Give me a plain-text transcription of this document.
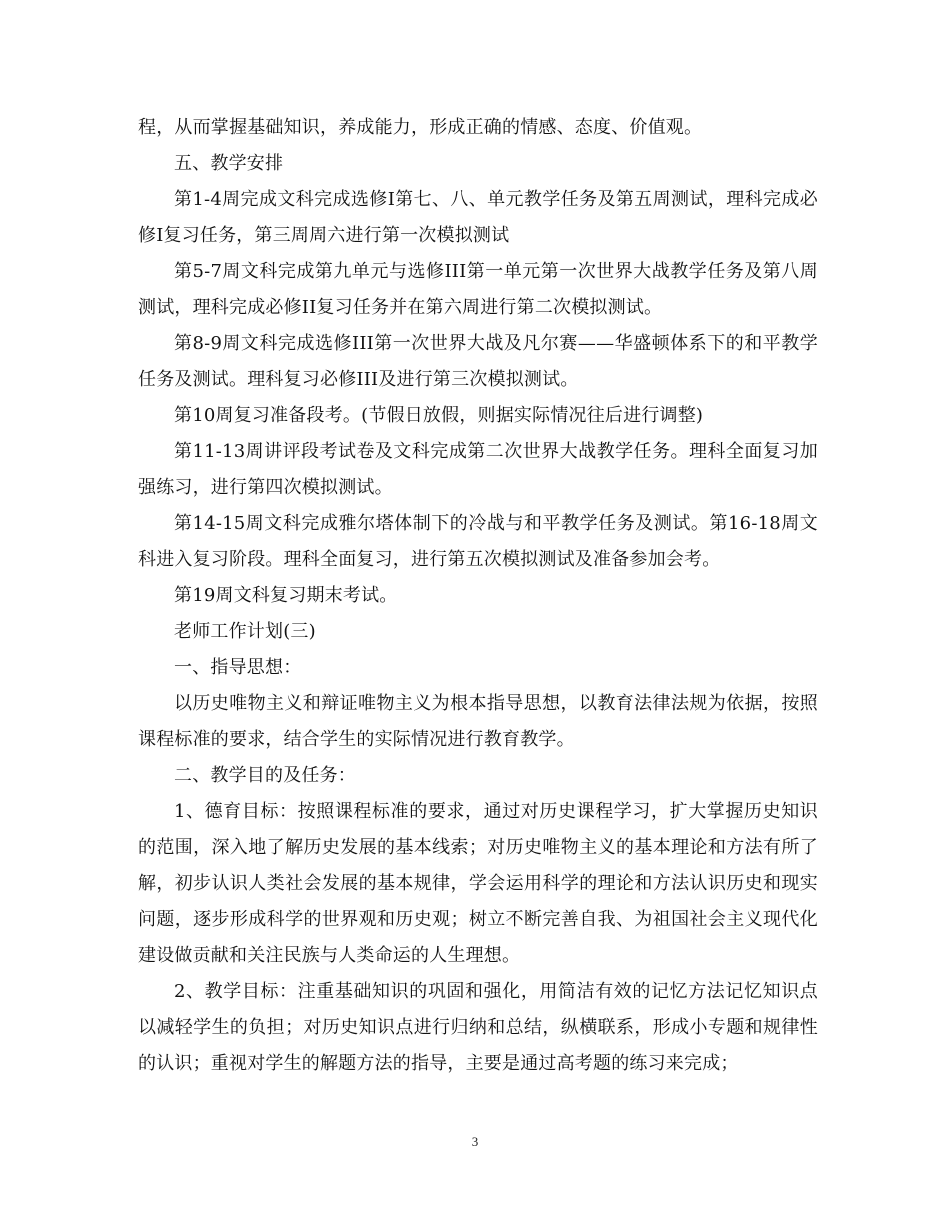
程，从而掌握基础知识，养成能力，形成正确的情感、态度、价值观。

五、教学安排

第1-4周完成文科完成选修I第七、八、单元教学任务及第五周测试，理科完成必修I复习任务，第三周周六进行第一次模拟测试

第5-7周文科完成第九单元与选修III第一单元第一次世界大战教学任务及第八周测试，理科完成必修II复习任务并在第六周进行第二次模拟测试。

第8-9周文科完成选修III第一次世界大战及凡尔赛——华盛顿体系下的和平教学任务及测试。理科复习必修III及进行第三次模拟测试。

第10周复习准备段考。(节假日放假，则据实际情况往后进行调整)

第11-13周讲评段考试卷及文科完成第二次世界大战教学任务。理科全面复习加强练习，进行第四次模拟测试。

第14-15周文科完成雅尔塔体制下的冷战与和平教学任务及测试。第16-18周文科进入复习阶段。理科全面复习，进行第五次模拟测试及准备参加会考。

第19周文科复习期末考试。

老师工作计划(三)

一、指导思想：

以历史唯物主义和辩证唯物主义为根本指导思想，以教育法律法规为依据，按照课程标准的要求，结合学生的实际情况进行教育教学。

二、教学目的及任务：

1、德育目标：按照课程标准的要求，通过对历史课程学习，扩大掌握历史知识的范围，深入地了解历史发展的基本线索；对历史唯物主义的基本理论和方法有所了解，初步认识人类社会发展的基本规律，学会运用科学的理论和方法认识历史和现实问题，逐步形成科学的世界观和历史观；树立不断完善自我、为祖国社会主义现代化建设做贡献和关注民族与人类命运的人生理想。

2、教学目标：注重基础知识的巩固和强化，用简洁有效的记忆方法记忆知识点以减轻学生的负担；对历史知识点进行归纳和总结，纵横联系，形成小专题和规律性的认识；重视对学生的解题方法的指导，主要是通过高考题的练习来完成；

3
